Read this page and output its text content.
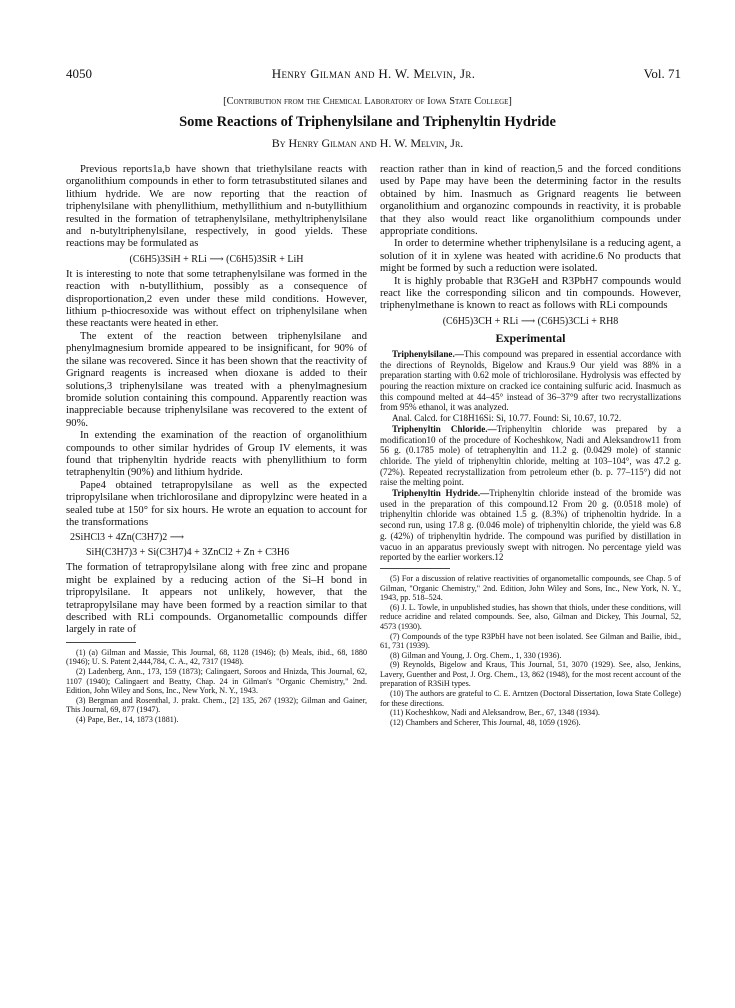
4050	Henry Gilman and H. W. Melvin, Jr.	Vol. 71
[Contribution from the Chemical Laboratory of Iowa State College]
Some Reactions of Triphenylsilane and Triphenyltin Hydride
By Henry Gilman and H. W. Melvin, Jr.

Previous reports1a,b have shown that triethylsilane reacts with organolithium compounds in ether to form tetrasubstituted silanes and lithium hydride. We are now reporting that the reaction of triphenylsilane with phenyllithium, methyllithium and n-butyllithium resulted in the formation of tetraphenylsilane, methyltriphenylsilane and n-butyltriphenylsilane, respectively, in good yields. These reactions may be formulated as

(C6H5)3SiH + RLi ⟶ (C6H5)3SiR + LiH

It is interesting to note that some tetraphenylsilane was formed in the reaction with n-butyllithium, possibly as a consequence of disproportionation,2 even under these mild conditions. However, lithium p-thiocresoxide was without effect on triphenylsilane when these reactants were heated in ether.

The extent of the reaction between triphenylsilane and phenylmagnesium bromide appeared to be insignificant, for 90% of the silane was recovered. Since it has been shown that the reactivity of Grignard reagents is increased when dioxane is added to their solutions,3 triphenylsilane was treated with a phenylmagnesium bromide solution containing this compound. Apparently reaction was inappreciable because triphenylsilane was recovered to the extent of 90%.

In extending the examination of the reaction of organolithium compounds to other similar hydrides of Group IV elements, it was found that triphenyltin hydride reacts with phenyllithium to form tetraphenyltin (90%) and lithium hydride.

Pape4 obtained tetrapropylsilane as well as the expected tripropylsilane when trichlorosilane and dipropylzinc were heated in a sealed tube at 150° for six hours. He wrote an equation to account for the transformations

2SiHCl3 + 4Zn(C3H7)2 ⟶
SiH(C3H7)3 + Si(C3H7)4 + 3ZnCl2 + Zn + C3H6

The formation of tetrapropylsilane along with free zinc and propane might be explained by a reducing action of the Si–H bond in tripropylsilane. It appears not unlikely, however, that the tetrapropylsilane may have been formed by a reaction similar to that described with RLi compounds. Organometallic compounds differ largely in rate of

(1) (a) Gilman and Massie, This Journal, 68, 1128 (1946); (b) Meals, ibid., 68, 1880 (1946); U. S. Patent 2,444,784, C. A., 42, 7317 (1948).

(2) Ladenberg, Ann., 173, 159 (1873); Calingaert, Soroos and Hnizda, This Journal, 62, 1107 (1940); Calingaert and Beatty, Chap. 24 in Gilman's "Organic Chemistry," 2nd. Edition, John Wiley and Sons, Inc., New York, N. Y., 1943.

(3) Bergman and Rosenthal, J. prakt. Chem., [2] 135, 267 (1932); Gilman and Gainer, This Journal, 69, 877 (1947).

(4) Pape, Ber., 14, 1873 (1881).

reaction rather than in kind of reaction,5 and the forced conditions used by Pape may have been the determining factor in the results obtained by him. Inasmuch as Grignard reagents lie between organolithium and organozinc compounds in reactivity, it is probable that they also would react like organolithium compounds under appropriate conditions.

In order to determine whether triphenylsilane is a reducing agent, a solution of it in xylene was heated with acridine.6 No products that might be formed by such a reduction were isolated.

It is highly probable that R3GeH and R3PbH7 compounds would react like the corresponding silicon and tin compounds. However, triphenylmethane is known to react as follows with RLi compounds

(C6H5)3CH + RLi ⟶ (C6H5)3CLi + RH8
Experimental

Triphenylsilane.—This compound was prepared in essential accordance with the directions of Reynolds, Bigelow and Kraus.9 Our yield was 88% in a preparation starting with 0.62 mole of trichlorosilane. Hydrolysis was effected by pouring the reaction mixture on cracked ice containing sulfuric acid. Inasmuch as this compound melted at 44–45° instead of 36–37°9 after two recrystallizations from 95% ethanol, it was analyzed.

Anal. Calcd. for C18H16Si: Si, 10.77. Found: Si, 10.67, 10.72.

Triphenyltin Chloride.—Triphenyltin chloride was prepared by a modification10 of the procedure of Kocheshkow, Nadi and Aleksandrow11 from 56 g. (0.1785 mole) of tetraphenyltin and 11.2 g. (0.0429 mole) of stannic chloride. The yield of triphenyltin chloride, melting at 103–104°, was 47.2 g. (72%). Repeated recrystallization from petroleum ether (b. p. 77–115°) did not raise the melting point.

Triphenyltin Hydride.—Triphenyltin chloride instead of the bromide was used in the preparation of this compound.12 From 20 g. (0.0518 mole) of triphenyltin chloride was obtained 1.5 g. (8.3%) of triphenoltin hydride. In a second run, using 17.8 g. (0.046 mole) of triphenyltin chloride, the yield was 6.8 g. (42%) of triphenyltin hydride. The compound was purified by distillation in vacuo in an apparatus previously swept with nitrogen. No percentage yield was reported by the earlier workers.12

(5) For a discussion of relative reactivities of organometallic compounds, see Chap. 5 of Gilman, "Organic Chemistry," 2nd. Edition, John Wiley and Sons, Inc., New York, N. Y., 1943, pp. 518–524.

(6) J. L. Towle, in unpublished studies, has shown that thiols, under these conditions, will reduce acridine and related compounds. See, also, Gilman and Dickey, This Journal, 52, 4573 (1930).

(7) Compounds of the type R3PbH have not been isolated. See Gilman and Bailie, ibid., 61, 731 (1939).

(8) Gilman and Young, J. Org. Chem., 1, 330 (1936).

(9) Reynolds, Bigelow and Kraus, This Journal, 51, 3070 (1929). See, also, Jenkins, Lavery, Guenther and Post, J. Org. Chem., 13, 862 (1948), for the most recent account of the preparation of R3SiH types.

(10) The authors are grateful to C. E. Arntzen (Doctoral Dissertation, Iowa State College) for these directions.

(11) Kocheshkow, Nadi and Aleksandrow, Ber., 67, 1348 (1934).

(12) Chambers and Scherer, This Journal, 48, 1059 (1926).
